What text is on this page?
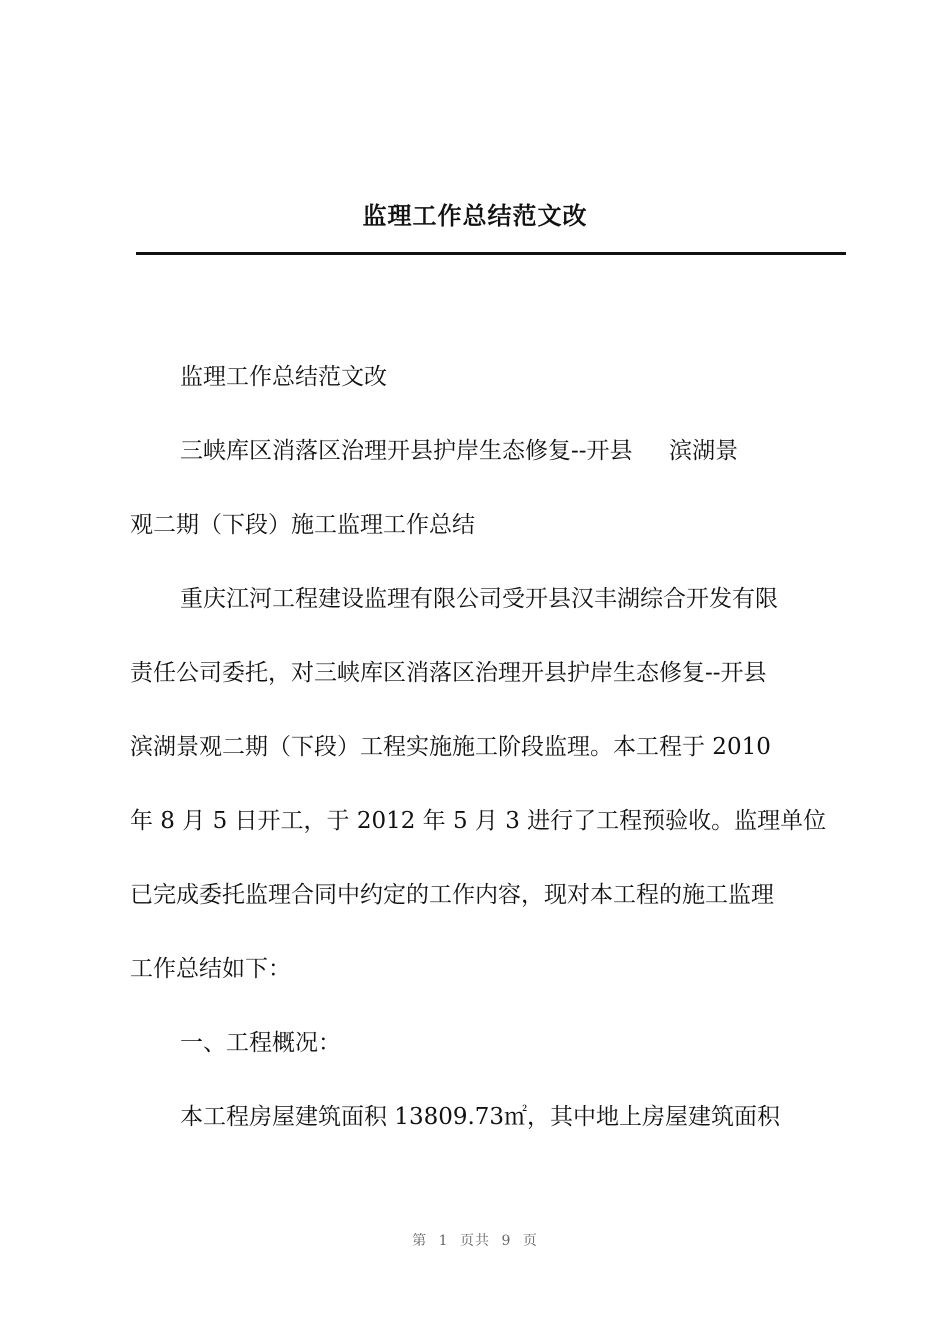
监理工作总结范文改
监理工作总结范文改
三峡库区消落区治理开县护岸生态修复--开县     滨湖景
观二期（下段）施工监理工作总结
重庆江河工程建设监理有限公司受开县汉丰湖综合开发有限
责任公司委托，对三峡库区消落区治理开县护岸生态修复--开县
滨湖景观二期（下段）工程实施施工阶段监理。本工程于 2010
年 8 月 5 日开工，于 2012 年 5 月 3 进行了工程预验收。监理单位
已完成委托监理合同中约定的工作内容，现对本工程的施工监理
工作总结如下：
一、工程概况：
本工程房屋建筑面积 13809.73㎡，其中地上房屋建筑面积
第 1 页共 9 页
